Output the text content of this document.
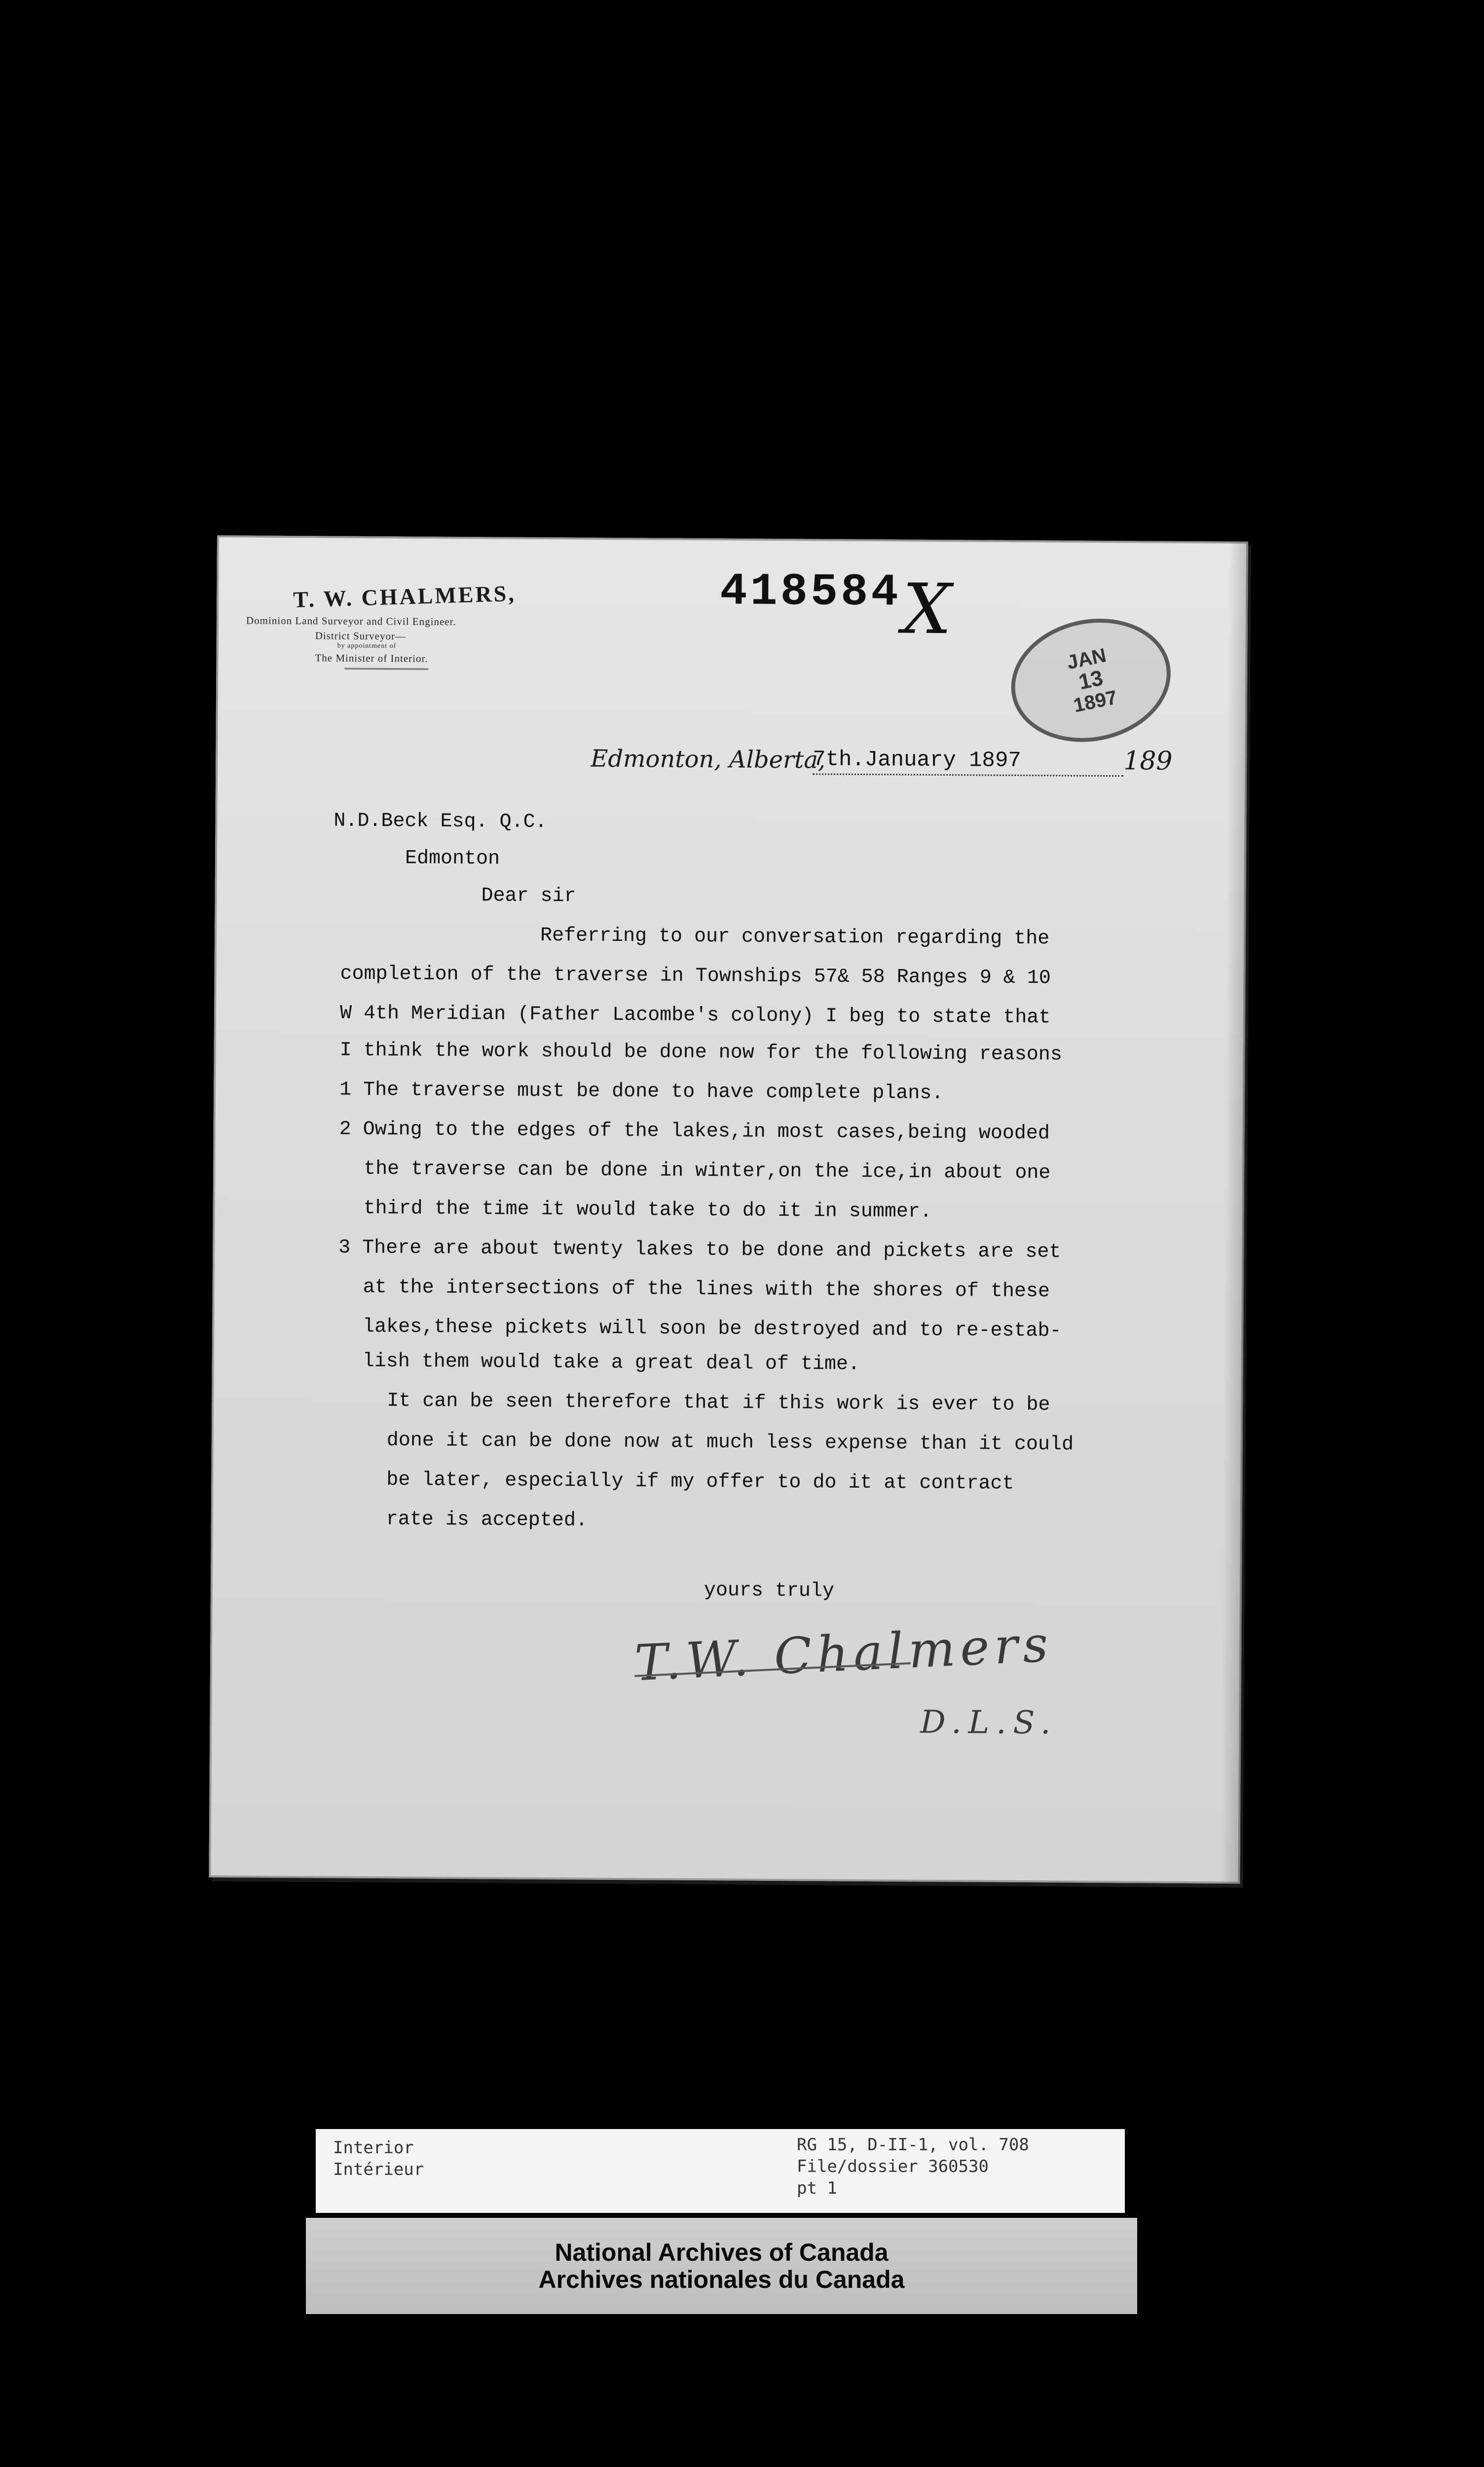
T. W. CHALMERS,
Dominion Land Surveyor and Civil Engineer.
District Surveyor—
by appointment of
The Minister of Interior.
418584 X
JAN
13
1897
Edmonton, Alberta,
7th.January 1897	189
N.D.Beck Esq. Q.C.
Edmonton
Dear sir
Referring to our conversation regarding the
completion of the traverse in Townships 57& 58 Ranges 9 & 10
W 4th Meridian (Father Lacombe's colony) I beg to state that
I think the work should be done now for the following reasons
1 The traverse must be done to have complete plans.
2 Owing to the edges of the lakes,in most cases,being wooded
the traverse can be done in winter,on the ice,in about one
third the time it would take to do it in summer.
3 There are about twenty lakes to be done and pickets are set
at the intersections of the lines with the shores of these
lakes,these pickets will soon be destroyed and to re-estab-
lish them would take a great deal of time.
It can be seen therefore that if this work is ever to be
done it can be done now at much less expense than it could
be later, especially if my offer to do it at contract
rate is accepted.
yours truly
T.W. Chalmers
D.L.S.
Interior
Intérieur
RG 15, D-II-1, vol. 708
File/dossier 360530
pt 1
National Archives of Canada
Archives nationales du Canada
